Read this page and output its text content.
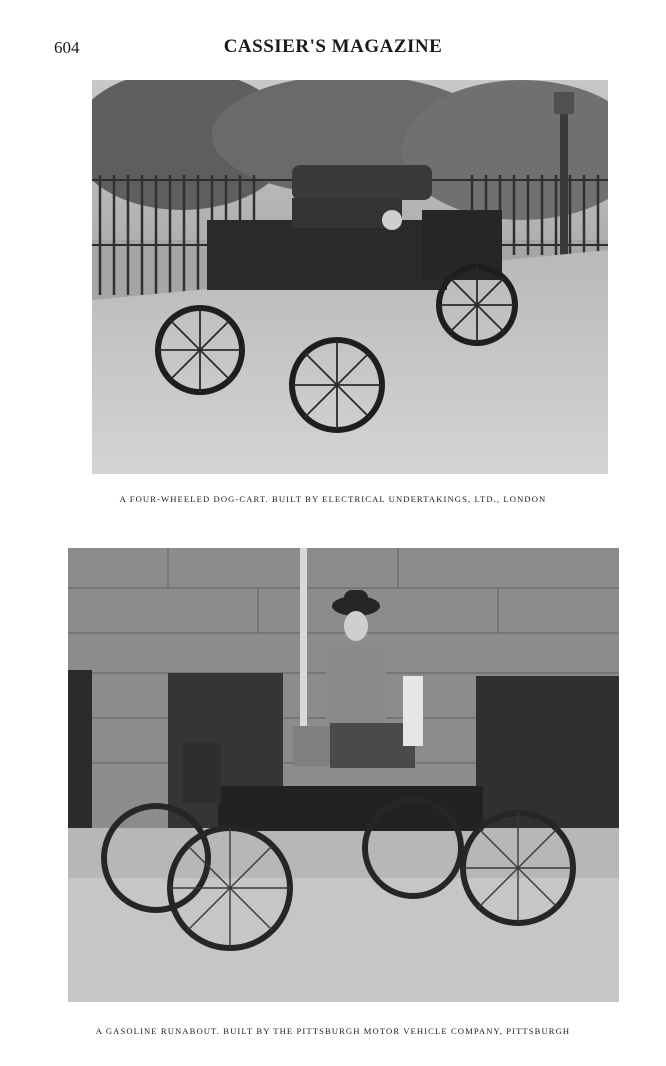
604	CASSIER'S MAGAZINE
A FOUR-WHEELED DOG-CART. BUILT BY ELECTRICAL UNDERTAKINGS, LTD., LONDON
A GASOLINE RUNABOUT. BUILT BY THE PITTSBURGH MOTOR VEHICLE COMPANY, PITTSBURGH
